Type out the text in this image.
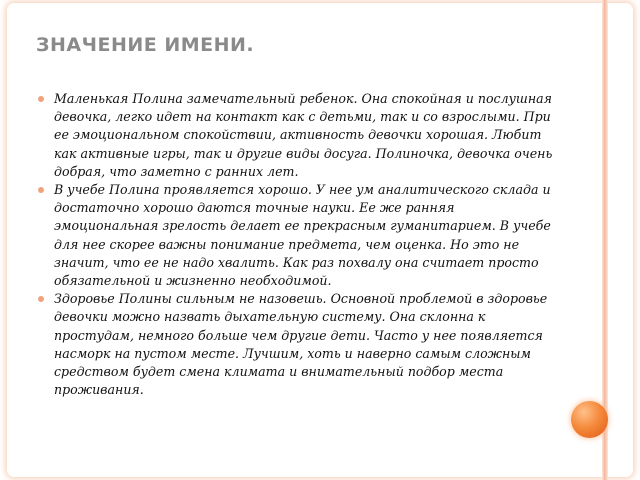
ЗНАЧЕНИЕ ИМЕНИ.
Маленькая Полина замечательный ребенок. Она спокойная и послушная девочка, легко идет на контакт как с детьми, так и со взрослыми. При ее эмоциональном спокойствии, активность девочки хорошая. Любит как активные игры, так и другие виды досуга. Полиночка, девочка очень добрая, что заметно с ранних лет.
В учебе Полина проявляется хорошо. У нее ум аналитического склада и достаточно хорошо даются точные науки. Ее же ранняя эмоциональная зрелость делает ее прекрасным гуманитарием. В учебе для нее скорее важны понимание предмета, чем оценка. Но это не значит, что ее не надо хвалить. Как раз похвалу она считает просто обязательной и жизненно необходимой.
Здоровье Полины сильным не назовешь. Основной проблемой в здоровье девочки можно назвать дыхательную систему. Она склонна к простудам, немного больше чем другие дети. Часто у нее появляется насморк на пустом месте. Лучшим, хоть и наверно самым сложным средством будет смена климата и внимательный подбор места проживания.
